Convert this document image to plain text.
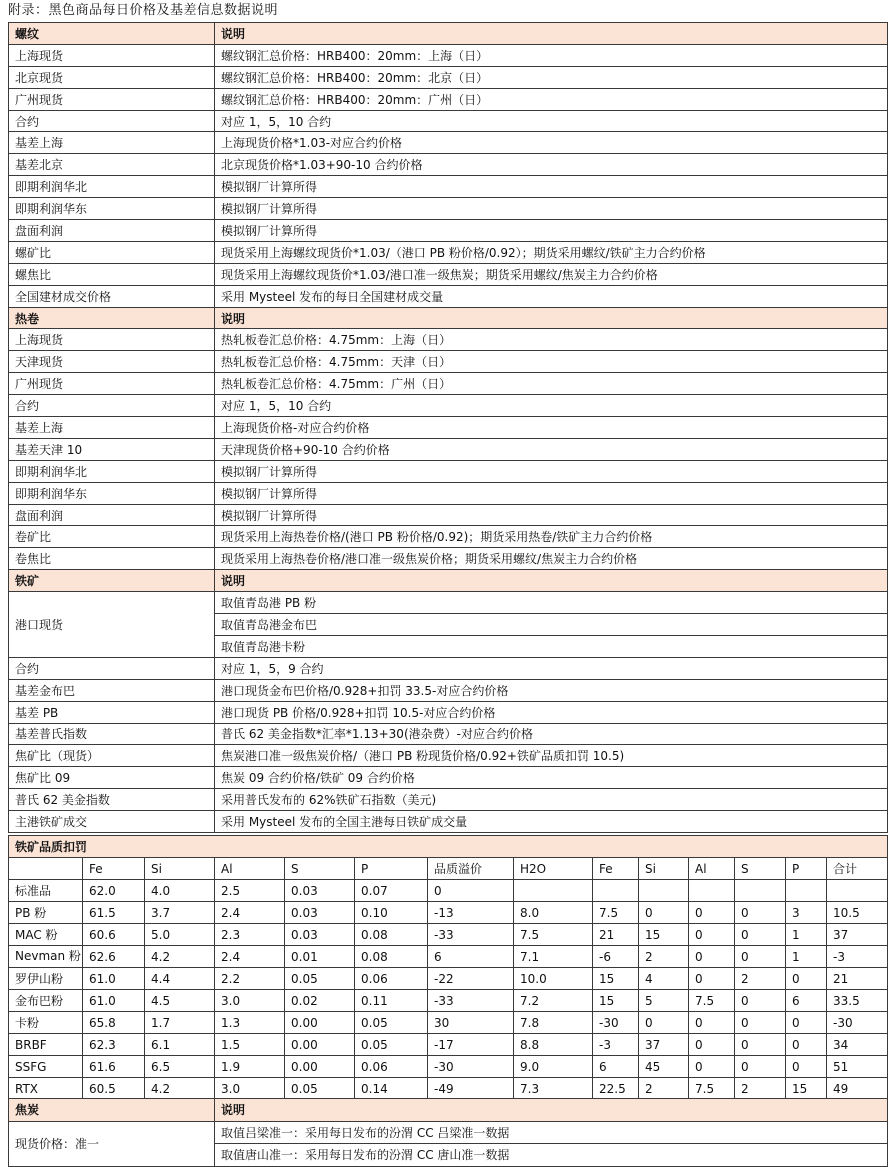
附录：黑色商品每日价格及基差信息数据说明
螺纹	说明
上海现货	螺纹钢汇总价格：HRB400：20mm：上海（日）
北京现货	螺纹钢汇总价格：HRB400：20mm：北京（日）
广州现货	螺纹钢汇总价格：HRB400：20mm：广州（日）
合约	对应 1，5，10 合约
基差上海	上海现货价格*1.03-对应合约价格
基差北京	北京现货价格*1.03+90-10 合约价格
即期利润华北	模拟钢厂计算所得
即期利润华东	模拟钢厂计算所得
盘面利润	模拟钢厂计算所得
螺矿比	现货采用上海螺纹现货价*1.03/（港口 PB 粉价格/0.92）；期货采用螺纹/铁矿主力合约价格
螺焦比	现货采用上海螺纹现货价*1.03/港口准一级焦炭；期货采用螺纹/焦炭主力合约价格
全国建材成交价格	采用 Mysteel 发布的每日全国建材成交量
热卷	说明
上海现货	热轧板卷汇总价格：4.75mm：上海（日）
天津现货	热轧板卷汇总价格：4.75mm：天津（日）
广州现货	热轧板卷汇总价格：4.75mm：广州（日）
合约	对应 1，5，10 合约
基差上海	上海现货价格-对应合约价格
基差天津 10	天津现货价格+90-10 合约价格
即期利润华北	模拟钢厂计算所得
即期利润华东	模拟钢厂计算所得
盘面利润	模拟钢厂计算所得
卷矿比	现货采用上海热卷价格/(港口 PB 粉价格/0.92)；期货采用热卷/铁矿主力合约价格
卷焦比	现货采用上海热卷价格/港口准一级焦炭价格；期货采用螺纹/焦炭主力合约价格
铁矿	说明
港口现货	取值青岛港 PB 粉
	取值青岛港金布巴
	取值青岛港卡粉
合约	对应 1，5，9 合约
基差金布巴	港口现货金布巴价格/0.928+扣罚 33.5-对应合约价格
基差 PB	港口现货 PB 价格/0.928+扣罚 10.5-对应合约价格
基差普氏指数	普氏 62 美金指数*汇率*1.13+30(港杂费）-对应合约价格
焦矿比（现货）	焦炭港口准一级焦炭价格/（港口 PB 粉现货价格/0.92+铁矿品质扣罚 10.5)
焦矿比 09	焦炭 09 合约价格/铁矿 09 合约价格
普氏 62 美金指数	采用普氏发布的 62%铁矿石指数（美元)
主港铁矿成交	采用 Mysteel 发布的全国主港每日铁矿成交量
铁矿品质扣罚													
	Fe	Si	Al	S	P	品质溢价	H2O	Fe	Si	Al	S	P	合计
标准品	62.0	4.0	2.5	0.03	0.07	0							
PB 粉	61.5	3.7	2.4	0.03	0.10	-13	8.0	7.5	0	0	0	3	10.5
MAC 粉	60.6	5.0	2.3	0.03	0.08	-33	7.5	21	15	0	0	1	37
Nevman 粉	62.6	4.2	2.4	0.01	0.08	6	7.1	-6	2	0	0	1	-3
罗伊山粉	61.0	4.4	2.2	0.05	0.06	-22	10.0	15	4	0	2	0	21
金布巴粉	61.0	4.5	3.0	0.02	0.11	-33	7.2	15	5	7.5	0	6	33.5
卡粉	65.8	1.7	1.3	0.00	0.05	30	7.8	-30	0	0	0	0	-30
BRBF	62.3	6.1	1.5	0.00	0.05	-17	8.8	-3	37	0	0	0	34
SSFG	61.6	6.5	1.9	0.00	0.06	-30	9.0	6	45	0	0	0	51
RTX	60.5	4.2	3.0	0.05	0.14	-49	7.3	22.5	2	7.5	2	15	49
焦炭	说明
现货价格：准一	取值吕梁准一：采用每日发布的汾渭 CC 吕梁准一数据
	取值唐山准一：采用每日发布的汾渭 CC 唐山准一数据
